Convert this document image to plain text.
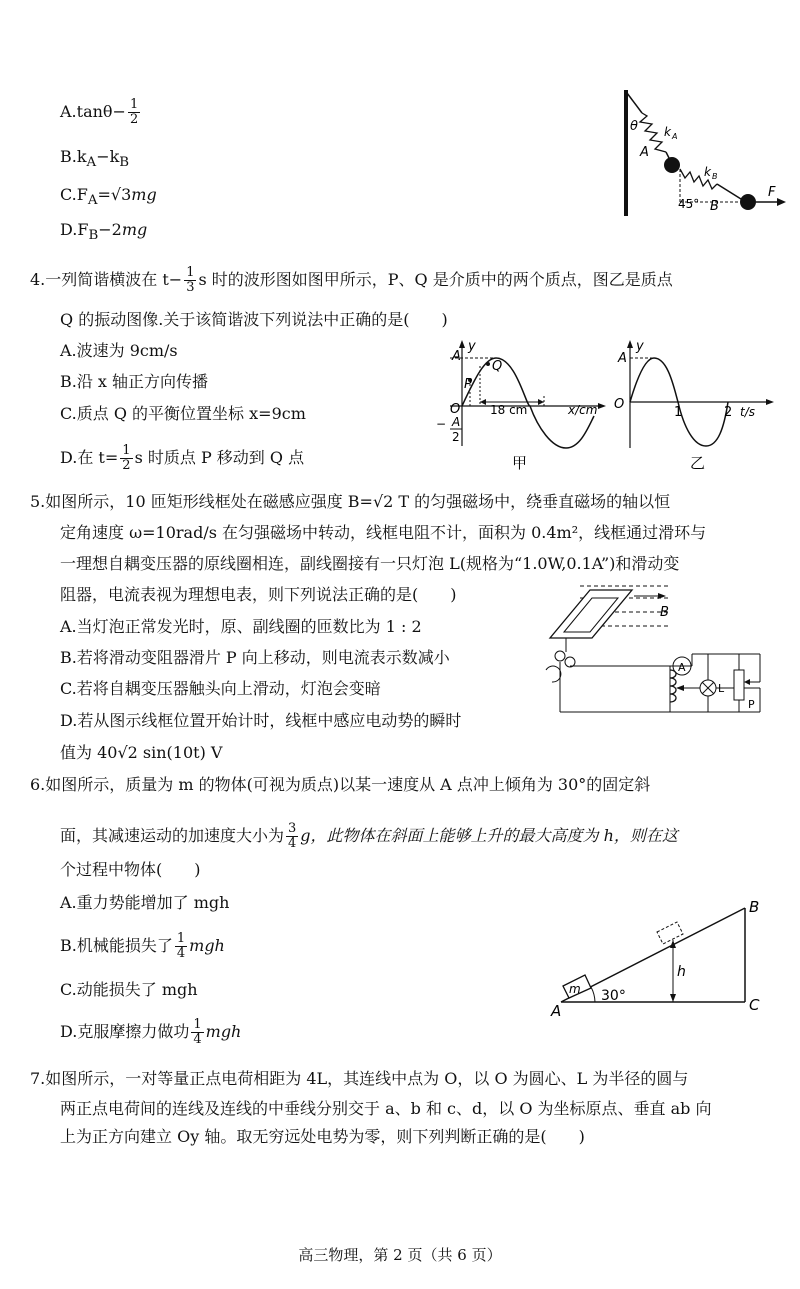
$A.\tan\theta- \frac{1}{2}$
$B.k_A-k_B$
$C.F_A=√3mg$
$D.F_B-2mg$
θ k A
A
k B
45° B
F
4.一列简谐横波在 $t- \frac{1}{3}$ s 时的波形图如图甲所示，P、Q 是介质中的两个质点，图乙是质点
Q 的振动图像.关于该简谐波下列说法中正确的是(　　)
A.波速为 9cm/s
B.沿 x 轴正方向传播
C.质点 Q 的平衡位置坐标 x=9cm
D.在 $t= \frac{1}{2}$ s 时质点 P 移动到 Q 点
A
y
Q
P
O 18 cm	x/cm
− A
2
甲
A
y
O
1	2 t/s
乙
5.如图所示，10 匝矩形线框处在磁感应强度 B=√2 T 的匀强磁场中，绕垂直磁场的轴以恒
定角速度 ω=10rad/s 在匀强磁场中转动，线框电阻不计，面积为 0.4m²，线框通过滑环与
一理想自耦变压器的原线圈相连，副线圈接有一只灯泡 L(规格为“1.0W,0.1A”)和滑动变
阻器，电流表视为理想电表，则下列说法正确的是(　　)
A.当灯泡正常发光时，原、副线圈的匝数比为 1 : 2
B.若将滑动变阻器滑片 P 向上移动，则电流表示数减小
C.若将自耦变压器触头向上滑动，灯泡会变暗
D.若从图示线框位置开始计时，线框中感应电动势的瞬时
值为 40√2 sin(10t) V
B
A
L
P
6.如图所示，质量为 m 的物体(可视为质点)以某一速度从 A 点冲上倾角为 30°的固定斜
面，其减速运动的加速度大小为 $\frac{3}{4}$ g，此物体在斜面上能够上升的最大高度为 h，则在这
个过程中物体(　　)
A.重力势能增加了 mgh
B.机械能损失了 $\frac{1}{4}$ mgh
C.动能损失了 mgh
D.克服摩擦力做功 $\frac{1}{4}$ mgh
m
h
30°
B
C
A
7.如图所示，一对等量正点电荷相距为 4L，其连线中点为 O，以 O 为圆心、L 为半径的圆与
两正点电荷间的连线及连线的中垂线分别交于 a、b 和 c、d，以 O 为坐标原点、垂直 ab 向
上为正方向建立 Oy 轴。取无穷远处电势为零，则下列判断正确的是(　　)
高三物理，第 2 页（共 6 页）
